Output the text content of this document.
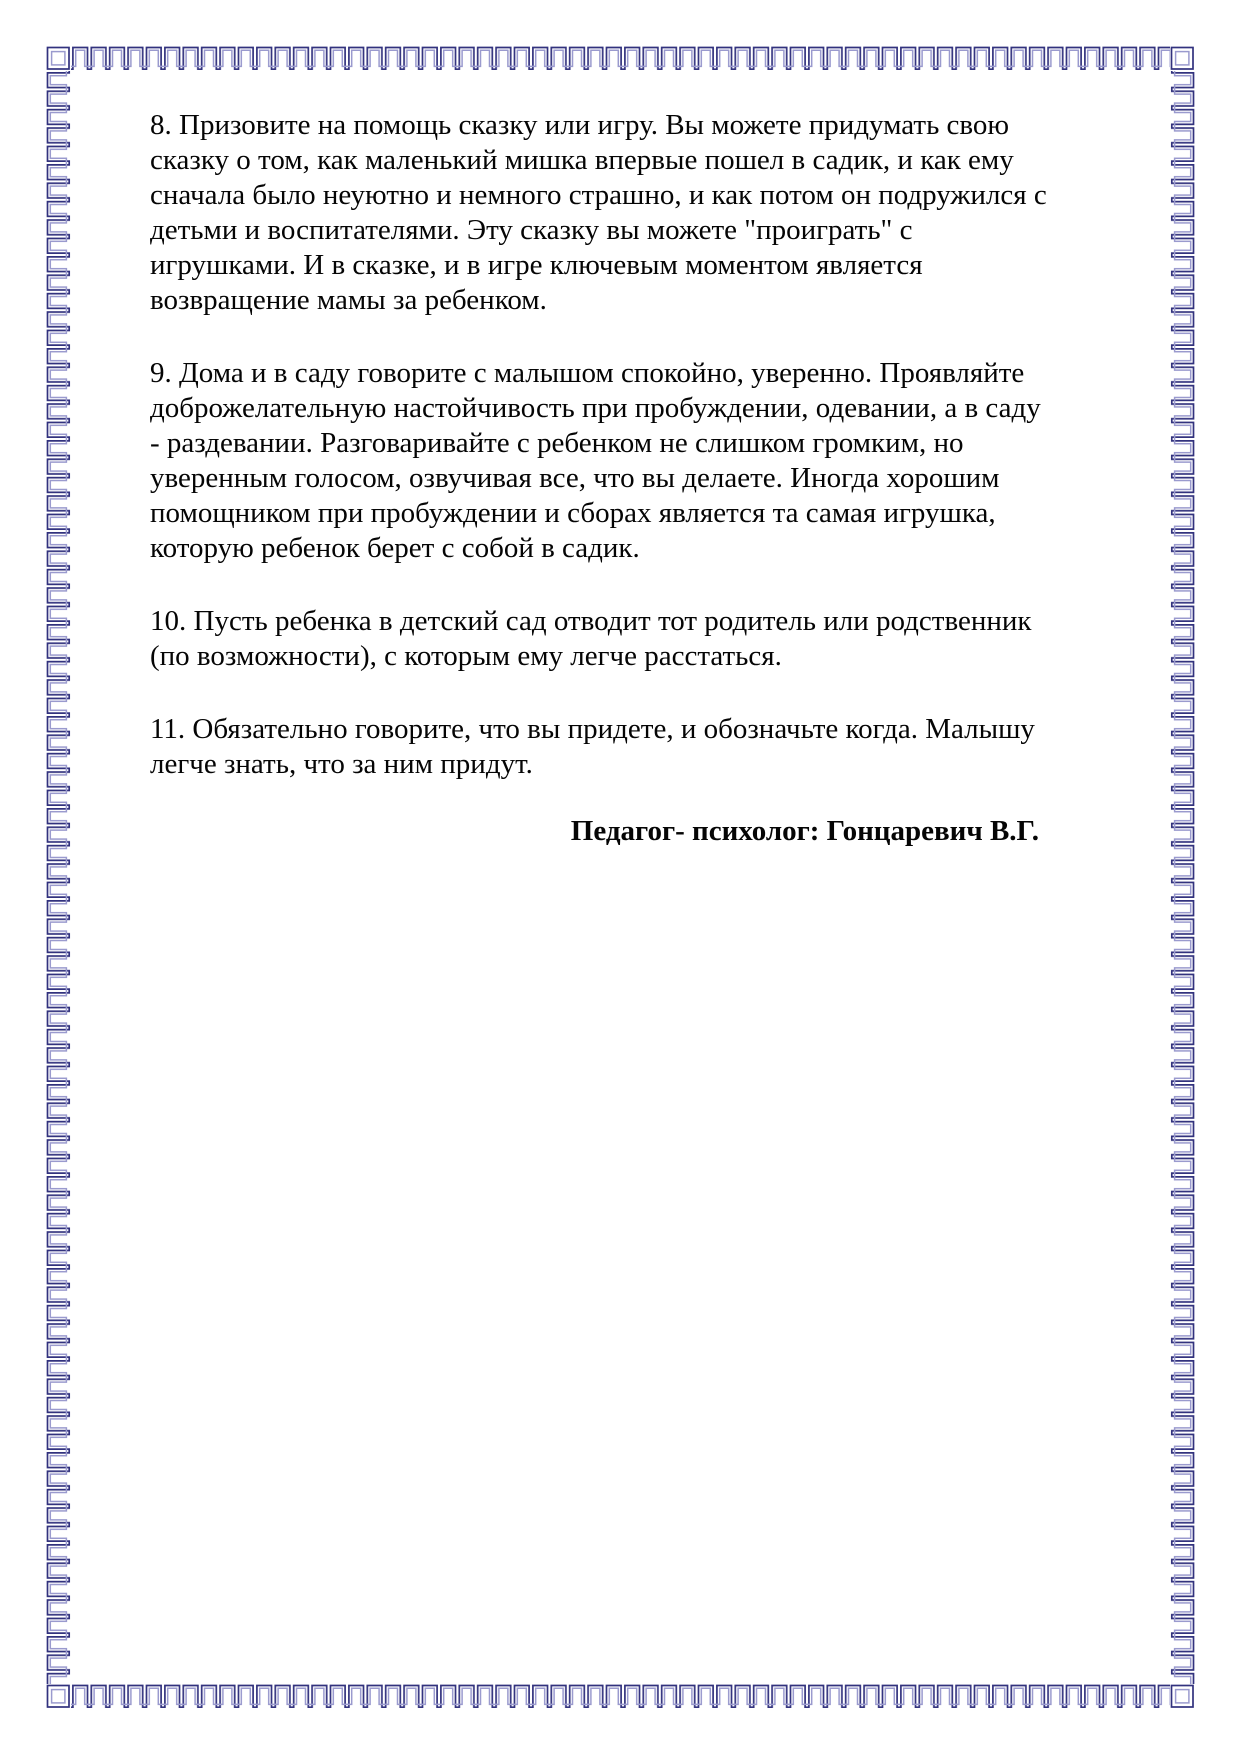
8. Призовите на помощь сказку или игру. Вы можете придумать свою сказку о том, как маленький мишка впервые пошел в садик, и как ему сначала было неуютно и немного страшно, и как потом он подружился с детьми и воспитателями. Эту сказку вы можете "проиграть" с игрушками. И в сказке, и в игре ключевым моментом является возвращение мамы за ребенком.

9. Дома и в саду говорите с малышом спокойно, уверенно. Проявляйте доброжелательную настойчивость при пробуждении, одевании, а в саду - раздевании. Разговаривайте с ребенком не слишком громким, но уверенным голосом, озвучивая все, что вы делаете. Иногда хорошим помощником при пробуждении и сборах является та самая игрушка, которую ребенок берет с собой в садик.

10. Пусть ребенка в детский сад отводит тот родитель или родственник (по возможности), с которым ему легче расстаться.

11. Обязательно говорите, что вы придете, и обозначьте когда. Малышу легче знать, что за ним придут.

Педагог- психолог: Гонцаревич В.Г.
